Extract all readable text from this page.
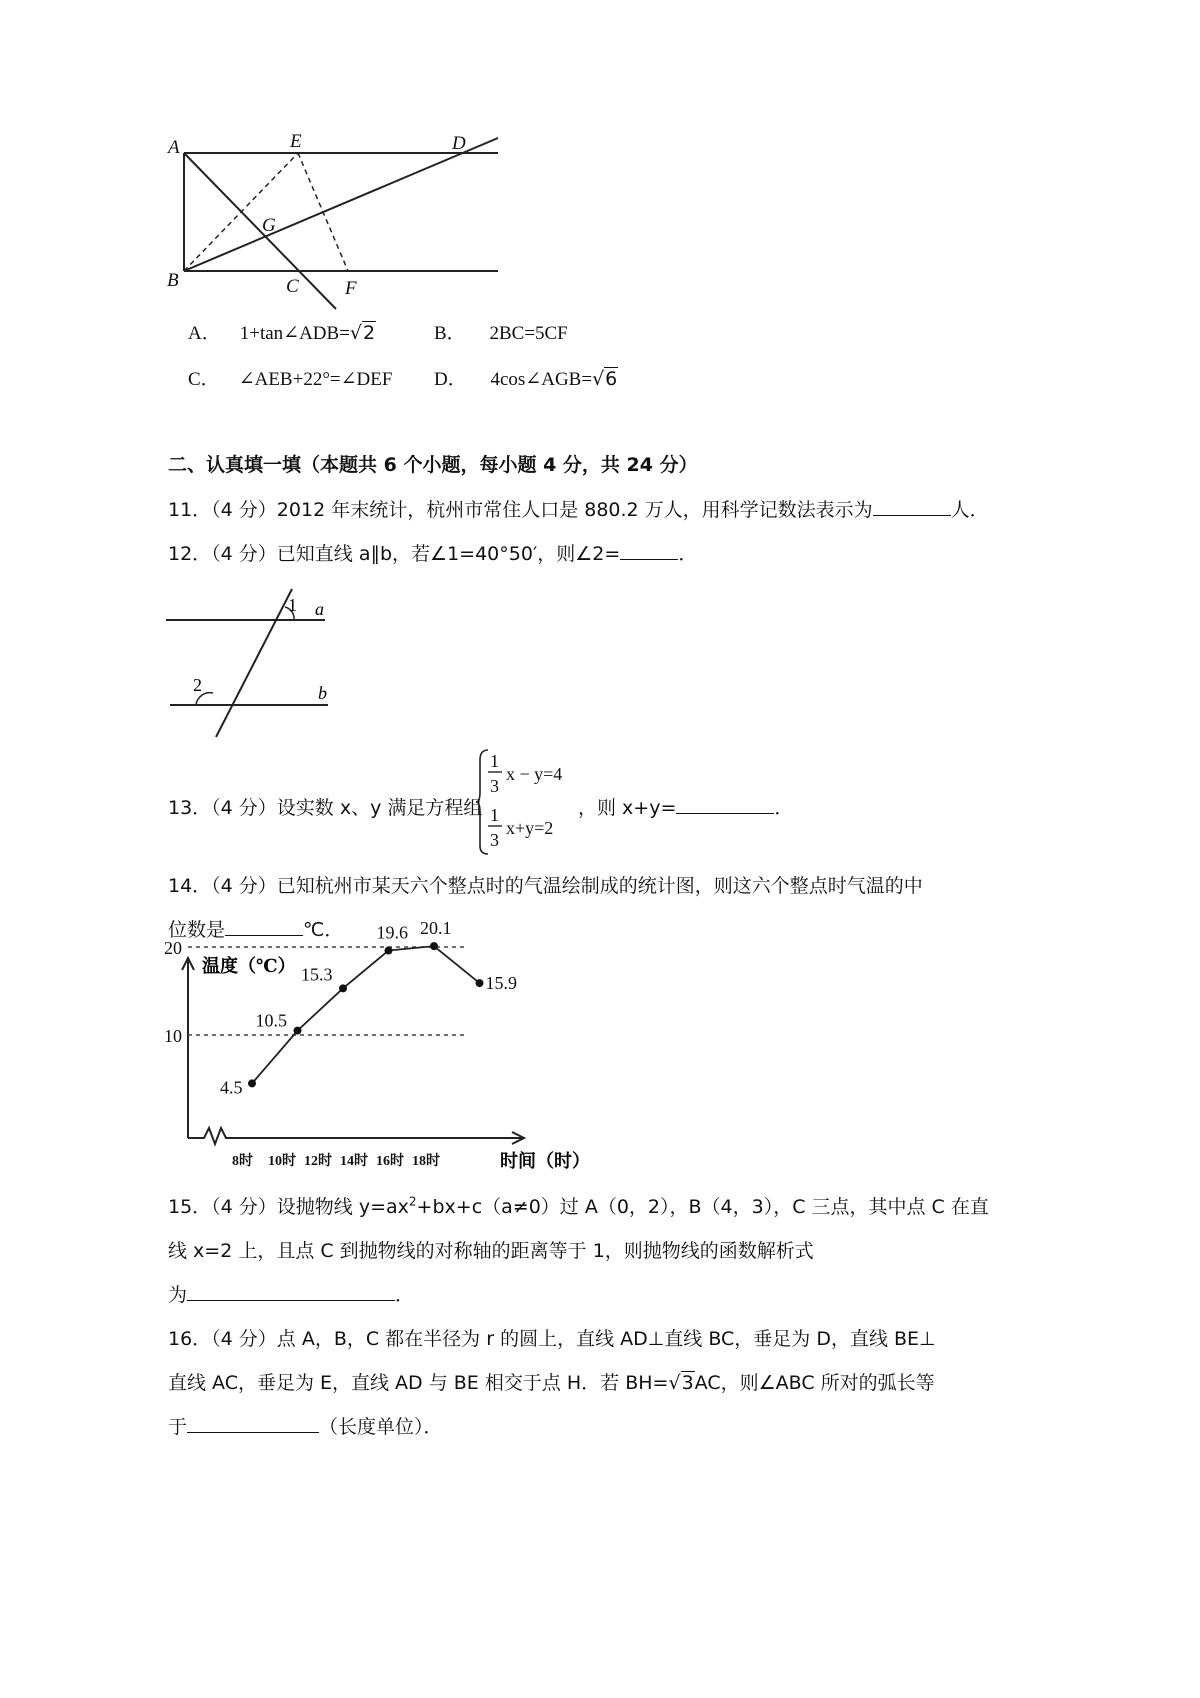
A	E	D
G
B	C F
A． 1+tan∠ADB=√2	B． 2BC=5CF
C． ∠AEB+22°=∠DEF D． 4cos∠AGB=√6
二、认真填一填（本题共 6 个小题，每小题 4 分，共 24 分）
11．（4 分）2012 年末统计，杭州市常住人口是 880.2 万人，用科学记数法表示为	人．
12．（4 分）已知直线 a∥b，若∠1=40°50′，则∠2=	．
1 a
2	b
13．（4 分）设实数 x、y 满足方程组
1
3
x − y=4
1
3
x+y=2
，则 x+y=	．
14．（4 分）已知杭州市某天六个整点时的气温绘制成的统计图，则这六个整点时气温的中
位数是	℃．
10
20
4.5
10.5
15.3
19.6 20.1
15.9
8时 10时 12时 14时 16时 18时
温度（℃）
时间（时）
15．（4 分）设抛物线 $y=ax^2+bx+c(a\ne 0)$过 A（0，2），B（4，3），C 三点，其中点 C 在直
线 x=2 上，且点 C 到抛物线的对称轴的距离等于 1，则抛物线的函数解析式
为	．
16．（4 分）点 A，B，C 都在半径为 r 的圆上，直线 AD⊥直线 BC，垂足为 D，直线 BE⊥
直线 AC，垂足为 E，直线 AD 与 BE 相交于点 H．若 BH=√3AC，则∠ABC 所对的弧长等
于	（长度单位）．
